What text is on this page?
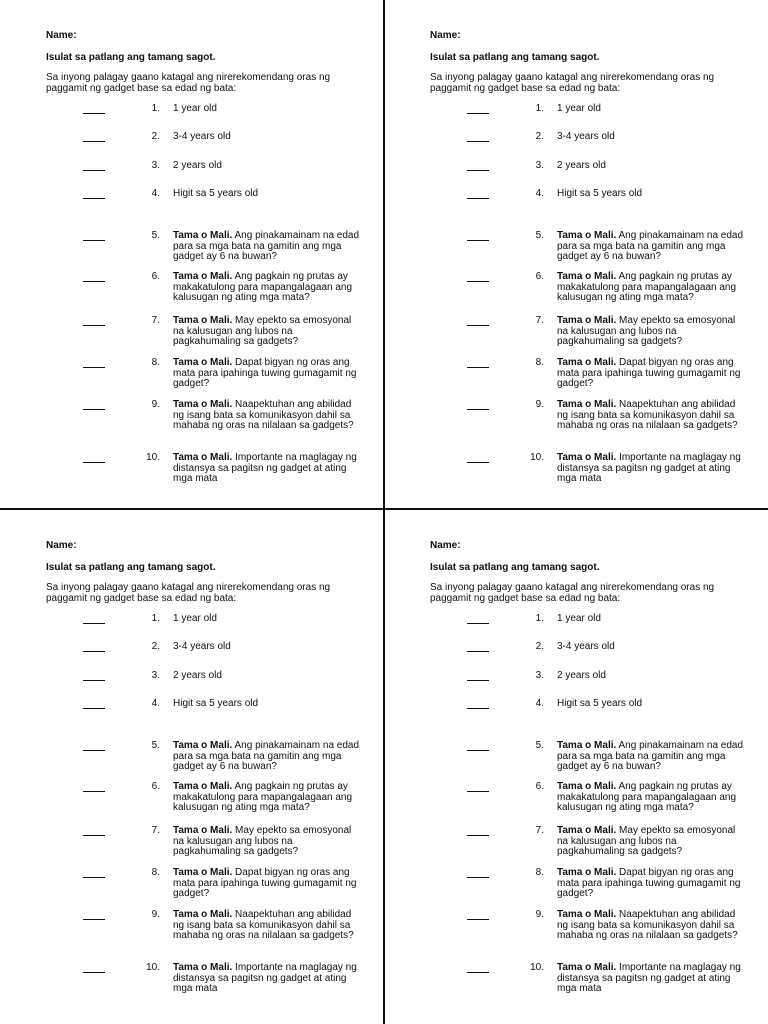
Name:
Isulat sa patlang ang tamang sagot.
Sa inyong palagay gaano katagal ang nirerekomendang oras ng paggamit ng gadget base sa edad ng bata:
1. 1 year old
2. 3-4 years old
3. 2 years old
4. Higit sa 5 years old
5. Tama o Mali. Ang pinakamainam na edad para sa mga bata na gamitin ang mga gadget ay 6 na buwan?
6. Tama o Mali. Ang pagkain ng prutas ay makakatulong para mapangalagaan ang kalusugan ng ating mga mata?
7. Tama o Mali. May epekto sa emosyonal na kalusugan ang lubos na pagkahumaling sa gadgets?
8. Tama o Mali. Dapat bigyan ng oras ang mata para ipahinga tuwing gumagamit ng gadget?
9. Tama o Mali. Naapektuhan ang abilidad ng isang bata sa komunikasyon dahil sa mahaba ng oras na nilalaan sa gadgets?
10. Tama o Mali. Importante na maglagay ng distansya sa pagitsn ng gadget at ating mga mata
Name:
Isulat sa patlang ang tamang sagot.
Sa inyong palagay gaano katagal ang nirerekomendang oras ng paggamit ng gadget base sa edad ng bata:
1. 1 year old
2. 3-4 years old
3. 2 years old
4. Higit sa 5 years old
5. Tama o Mali. Ang pinakamainam na edad para sa mga bata na gamitin ang mga gadget ay 6 na buwan?
6. Tama o Mali. Ang pagkain ng prutas ay makakatulong para mapangalagaan ang kalusugan ng ating mga mata?
7. Tama o Mali. May epekto sa emosyonal na kalusugan ang lubos na pagkahumaling sa gadgets?
8. Tama o Mali. Dapat bigyan ng oras ang mata para ipahinga tuwing gumagamit ng gadget?
9. Tama o Mali. Naapektuhan ang abilidad ng isang bata sa komunikasyon dahil sa mahaba ng oras na nilalaan sa gadgets?
10. Tama o Mali. Importante na maglagay ng distansya sa pagitsn ng gadget at ating mga mata
Name:
Isulat sa patlang ang tamang sagot.
Sa inyong palagay gaano katagal ang nirerekomendang oras ng paggamit ng gadget base sa edad ng bata:
1. 1 year old
2. 3-4 years old
3. 2 years old
4. Higit sa 5 years old
5. Tama o Mali. Ang pinakamainam na edad para sa mga bata na gamitin ang mga gadget ay 6 na buwan?
6. Tama o Mali. Ang pagkain ng prutas ay makakatulong para mapangalagaan ang kalusugan ng ating mga mata?
7. Tama o Mali. May epekto sa emosyonal na kalusugan ang lubos na pagkahumaling sa gadgets?
8. Tama o Mali. Dapat bigyan ng oras ang mata para ipahinga tuwing gumagamit ng gadget?
9. Tama o Mali. Naapektuhan ang abilidad ng isang bata sa komunikasyon dahil sa mahaba ng oras na nilalaan sa gadgets?
10. Tama o Mali. Importante na maglagay ng distansya sa pagitsn ng gadget at ating mga mata
Name:
Isulat sa patlang ang tamang sagot.
Sa inyong palagay gaano katagal ang nirerekomendang oras ng paggamit ng gadget base sa edad ng bata:
1. 1 year old
2. 3-4 years old
3. 2 years old
4. Higit sa 5 years old
5. Tama o Mali. Ang pinakamainam na edad para sa mga bata na gamitin ang mga gadget ay 6 na buwan?
6. Tama o Mali. Ang pagkain ng prutas ay makakatulong para mapangalagaan ang kalusugan ng ating mga mata?
7. Tama o Mali. May epekto sa emosyonal na kalusugan ang lubos na pagkahumaling sa gadgets?
8. Tama o Mali. Dapat bigyan ng oras ang mata para ipahinga tuwing gumagamit ng gadget?
9. Tama o Mali. Naapektuhan ang abilidad ng isang bata sa komunikasyon dahil sa mahaba ng oras na nilalaan sa gadgets?
10. Tama o Mali. Importante na maglagay ng distansya sa pagitsn ng gadget at ating mga mata
